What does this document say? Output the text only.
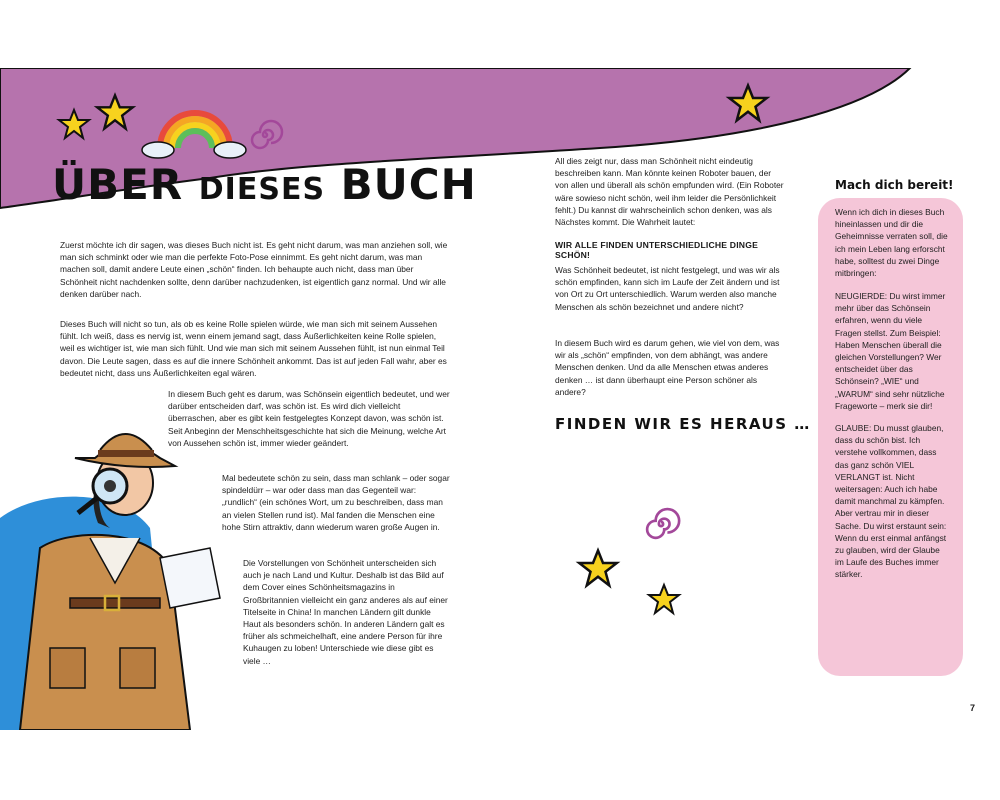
ÜBER DIESES BUCH

Zuerst möchte ich dir sagen, was dieses Buch nicht ist. Es geht nicht darum, was man anziehen soll, wie man sich schminkt oder wie man die perfekte Foto-Pose einnimmt. Es geht nicht darum, was man machen soll, damit andere Leute einen „schön“ finden. Ich behaupte auch nicht, dass man über Schönheit nicht nachdenken sollte, denn darüber nachzudenken, ist eigentlich ganz normal. Und wir alle denken darüber nach.

Dieses Buch will nicht so tun, als ob es keine Rolle spielen würde, wie man sich mit seinem Aussehen fühlt. Ich weiß, dass es nervig ist, wenn einem jemand sagt, dass Äußerlichkeiten keine Rolle spielen, weil es wichtiger ist, wie man sich fühlt. Und wie man sich mit seinem Aussehen fühlt, ist nun einmal Teil davon. Die Leute sagen, dass es auf die innere Schönheit ankommt. Das ist auf jeden Fall wahr, aber es bedeutet nicht, dass uns Äußerlichkeiten egal wären.

In diesem Buch geht es darum, was Schönsein eigentlich bedeutet, und wer darüber entscheiden darf, was schön ist. Es wird dich vielleicht überraschen, aber es gibt kein festgelegtes Konzept davon, was schön ist. Seit Anbeginn der Menschheitsgeschichte hat sich die Meinung, welche Art von Aussehen schön ist, immer wieder geändert.

Mal bedeutete schön zu sein, dass man schlank – oder sogar spindeldürr – war oder dass man das Gegenteil war: „rundlich“ (ein schönes Wort, um zu beschreiben, dass man an vielen Stellen rund ist). Mal fanden die Menschen eine hohe Stirn attraktiv, dann wiederum waren große Augen in.

Die Vorstellungen von Schönheit unterscheiden sich auch je nach Land und Kultur. Deshalb ist das Bild auf dem Cover eines Schönheitsmagazins in Großbritannien vielleicht ein ganz anderes als auf einer Titelseite in China! In manchen Ländern gilt dunkle Haut als besonders schön. In anderen Ländern galt es früher als schmeichelhaft, eine andere Person für ihre Kuhaugen zu loben! Unterschiede wie diese gibt es viele …

All dies zeigt nur, dass man Schönheit nicht eindeutig beschreiben kann. Man könnte keinen Roboter bauen, der von allen und überall als schön empfunden wird. (Ein Roboter wäre sowieso nicht schön, weil ihm leider die Persönlichkeit fehlt.) Du kannst dir wahrscheinlich schon denken, was als Nächstes kommt. Die Wahrheit lautet:

WIR ALLE FINDEN UNTERSCHIEDLICHE DINGE SCHÖN!

Was Schönheit bedeutet, ist nicht festgelegt, und was wir als schön empfinden, kann sich im Laufe der Zeit ändern und ist von Ort zu Ort unterschiedlich. Warum werden also manche Menschen als schön bezeichnet und andere nicht?

In diesem Buch wird es darum gehen, wie viel von dem, was wir als „schön“ empfinden, von dem abhängt, was andere Menschen denken. Und da alle Menschen etwas anderes denken … ist dann überhaupt eine Person schöner als andere?

FINDEN WIR ES HERAUS …

Mach dich bereit!

Wenn ich dich in dieses Buch hineinlassen und dir die Geheimnisse verraten soll, die ich mein Leben lang erforscht habe, solltest du zwei Dinge mitbringen:

NEUGIERDE: Du wirst immer mehr über das Schönsein erfahren, wenn du viele Fragen stellst. Zum Beispiel: Haben Menschen überall die gleichen Vorstellungen? Wer entscheidet über das Schönsein? „WIE“ und „WARUM“ sind sehr nützliche Frageworte – merk sie dir!

GLAUBE: Du musst glauben, dass du schön bist. Ich verstehe vollkommen, dass das ganz schön VIEL VERLANGT ist. Nicht weitersagen: Auch ich habe damit manchmal zu kämpfen. Aber vertrau mir in dieser Sache. Du wirst erstaunt sein: Wenn du erst einmal anfängst zu glauben, wird der Glaube im Laufe des Buches immer stärker.

7
